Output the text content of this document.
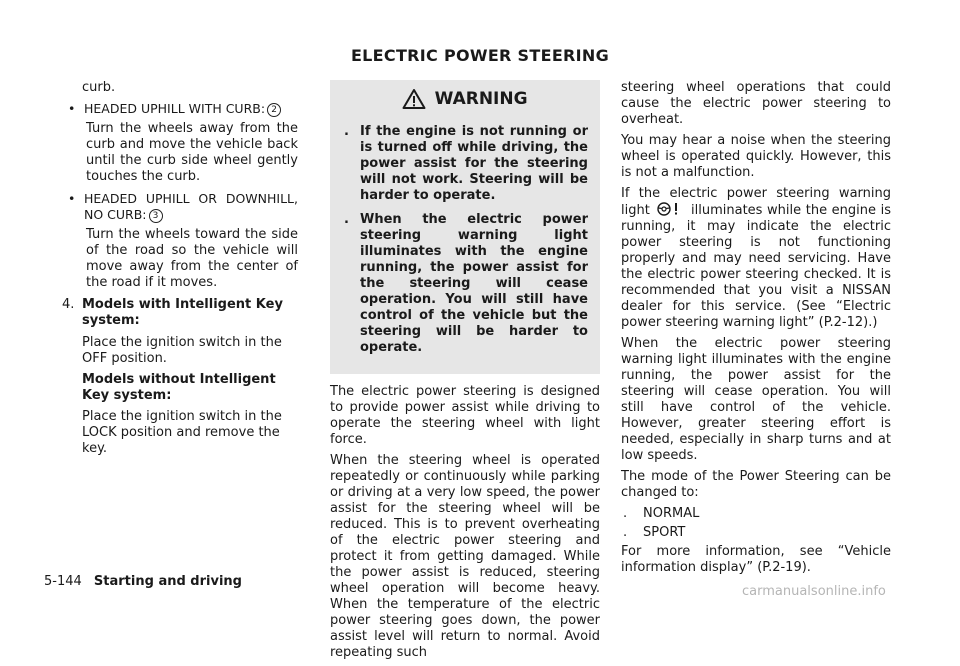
ELECTRIC POWER STEERING

curb.

• HEADED UPHILL WITH CURB: 2

Turn the wheels away from the curb and move the vehicle back until the curb side wheel gently touches the curb.

• HEADED UPHILL OR DOWNHILL, NO CURB: 3

Turn the wheels toward the side of the road so the vehicle will move away from the center of the road if it moves.

4. Models with Intelligent Key system:

Place the ignition switch in the OFF position.

Models without Intelligent Key system:

Place the ignition switch in the LOCK position and remove the key.

WARNING
. If the engine is not running or is turned off while driving, the power assist for the steering will not work. Steering will be harder to operate.
. When the electric power steering warning light illuminates with the engine running, the power assist for the steering will cease operation. You will still have control of the vehicle but the steering will be harder to operate.

The electric power steering is designed to provide power assist while driving to operate the steering wheel with light force.

When the steering wheel is operated repeatedly or continuously while parking or driving at a very low speed, the power assist for the steering wheel will be reduced. This is to prevent overheating of the electric power steering and protect it from getting damaged. While the power assist is reduced, steering wheel operation will become heavy. When the temperature of the electric power steering goes down, the power assist level will return to normal. Avoid repeating such

steering wheel operations that could cause the electric power steering to overheat.

You may hear a noise when the steering wheel is operated quickly. However, this is not a malfunction.

If the electric power steering warning light	illuminates while the engine is running, it may indicate the electric power steering is not functioning properly and may need servicing. Have the electric power steering checked. It is recommended that you visit a NISSAN dealer for this service. (See “Electric power steering warning light” (P.2-12).)

When the electric power steering warning light illuminates with the engine running, the power assist for the steering will cease operation. You will still have control of the vehicle. However, greater steering effort is needed, especially in sharp turns and at low speeds.

The mode of the Power Steering can be changed to:

. NORMAL
. SPORT

For more information, see “Vehicle information display” (P.2-19).

5-144 Starting and driving
carmanualsonline.info
